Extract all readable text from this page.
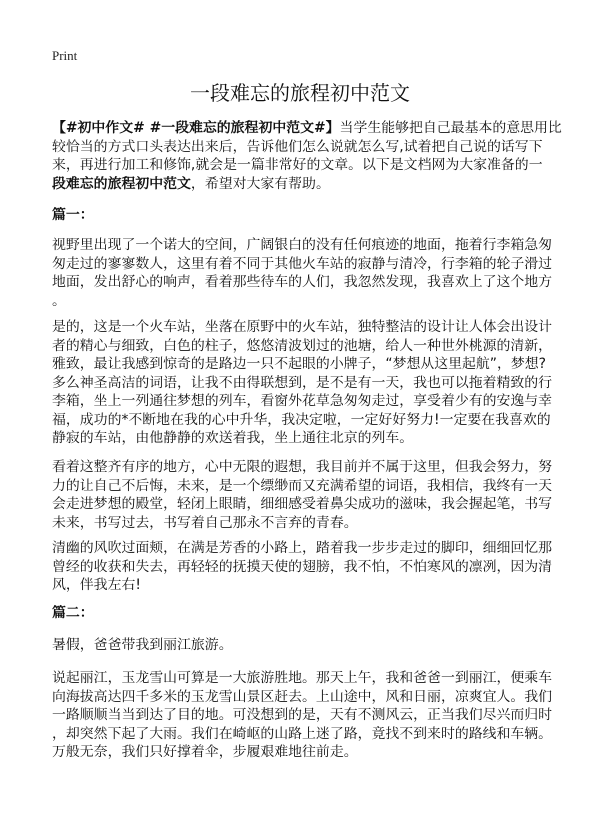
Print
一段难忘的旅程初中范文
【#初中作文# #一段难忘的旅程初中范文#】当学生能够把自己最基本的意思用比
较恰当的方式口头表达出来后，告诉他们怎么说就怎么写,试着把自己说的话写下
来，再进行加工和修饰,就会是一篇非常好的文章。以下是文档网为大家准备的一
段难忘的旅程初中范文，希望对大家有帮助。
篇一：
视野里出现了一个诺大的空间，广阔银白的没有任何痕迹的地面，拖着行李箱急匆
匆走过的寥寥数人，这里有着不同于其他火车站的寂静与清冷，行李箱的轮子滑过
地面，发出舒心的响声，看着那些待车的人们，我忽然发现，我喜欢上了这个地方
。
是的，这是一个火车站，坐落在原野中的火车站，独特整洁的设计让人体会出设计
者的精心与细致，白色的柱子，悠悠清波划过的池塘，给人一种世外桃源的清新，
雅致，最让我感到惊奇的是路边一只不起眼的小牌子，“梦想从这里起航”，梦想?
多么神圣高洁的词语，让我不由得联想到，是不是有一天，我也可以拖着精致的行
李箱，坐上一列通往梦想的列车，看窗外花草急匆匆走过，享受着少有的安逸与幸
福，成功的*不断地在我的心中升华，我决定啦，一定好好努力!一定要在我喜欢的
静寂的车站，由他静静的欢送着我，坐上通往北京的列车。
看着这整齐有序的地方，心中无限的遐想，我目前并不属于这里，但我会努力，努
力的让自己不后悔，未来，是一个缥缈而又充满希望的词语，我相信，我终有一天
会走进梦想的殿堂，轻闭上眼睛，细细感受着鼻尖成功的滋味，我会握起笔，书写
未来，书写过去，书写着自己那永不言弃的青春。
清幽的风吹过面颊，在满是芳香的小路上，踏着我一步步走过的脚印，细细回忆那
曾经的收获和失去，再轻轻的抚摸天使的翅膀，我不怕，不怕寒风的凛冽，因为清
风，伴我左右!
篇二：
暑假，爸爸带我到丽江旅游。
说起丽江，玉龙雪山可算是一大旅游胜地。那天上午，我和爸爸一到丽江，便乘车
向海拔高达四千多米的玉龙雪山景区赶去。上山途中，风和日丽，凉爽宜人。我们
一路顺顺当当到达了目的地。可没想到的是，天有不测风云，正当我们尽兴而归时
，却突然下起了大雨。我们在崎岖的山路上迷了路，竟找不到来时的路线和车辆。
万般无奈，我们只好撑着伞，步履艰难地往前走。
